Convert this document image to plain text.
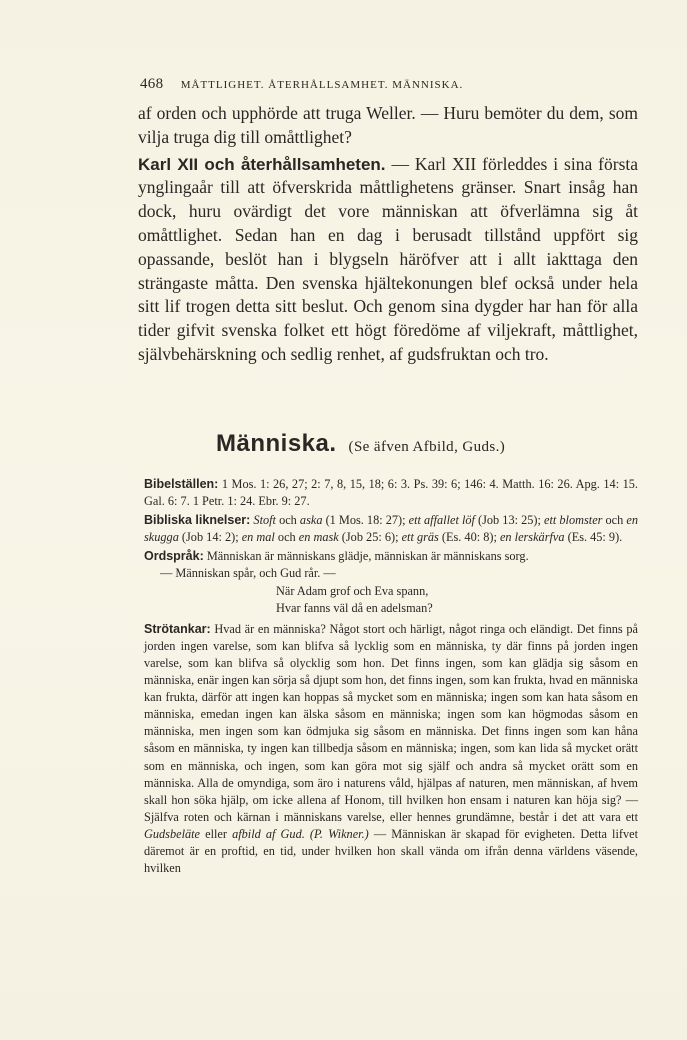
468 MÅTTLIGHET. ÅTERHÅLLSAMHET. MÄNNISKA.

af orden och upphörde att truga Weller. — Huru bemöter du dem, som vilja truga dig till omåttlighet?

Karl XII och återhållsamheten. — Karl XII förleddes i sina första ynglingaår till att öfverskrida måttlighetens gränser. Snart insåg han dock, huru ovärdigt det vore människan att öfverlämna sig åt omåttlighet. Sedan han en dag i berusadt tillstånd uppfört sig opassande, beslöt han i blygseln häröfver att i allt iakttaga den strängaste måtta. Den svenska hjältekonungen blef också under hela sitt lif trogen detta sitt beslut. Och genom sina dygder har han för alla tider gifvit svenska folket ett högt föredöme af viljekraft, måttlighet, självbehärskning och sedlig renhet, af gudsfruktan och tro.

Människa. (Se äfven Afbild, Guds.)

Bibelställen: 1 Mos. 1: 26, 27; 2: 7, 8, 15, 18; 6: 3. Ps. 39: 6; 146: 4. Matth. 16: 26. Apg. 14: 15. Gal. 6: 7. 1 Petr. 1: 24. Ebr. 9: 27.

Bibliska liknelser: Stoft och aska (1 Mos. 18: 27); ett affallet löf (Job 13: 25); ett blomster och en skugga (Job 14: 2); en mal och en mask (Job 25: 6); ett gräs (Es. 40: 8); en lerskärfva (Es. 45: 9).

Ordspråk: Människan är människans glädje, människan är människans sorg.
— Människan spår, och Gud rår. —
När Adam grof och Eva spann,
Hvar fanns väl då en adelsman?

Strötankar: Hvad är en människa? Något stort och härligt, något ringa och eländigt. Det finns på jorden ingen varelse, som kan blifva så lycklig som en människa, ty där finns på jorden ingen varelse, som kan blifva så olycklig som hon. Det finns ingen, som kan glädja sig såsom en människa, enär ingen kan sörja så djupt som hon, det finns ingen, som kan frukta, hvad en människa kan frukta, därför att ingen kan hoppas så mycket som en människa; ingen som kan hata såsom en människa, emedan ingen kan älska såsom en människa; ingen som kan högmodas såsom en människa, men ingen som kan ödmjuka sig såsom en människa. Det finns ingen som kan håna såsom en människa, ty ingen kan tillbedja såsom en människa; ingen, som kan lida så mycket orätt som en människa, och ingen, som kan göra mot sig själf och andra så mycket orätt som en människa. Alla de omyndiga, som äro i naturens våld, hjälpas af naturen, men människan, af hvem skall hon söka hjälp, om icke allena af Honom, till hvilken hon ensam i naturen kan höja sig? — Själfva roten och kärnan i människans varelse, eller hennes grundämne, består i det att vara ett Gudsbeläte eller afbild af Gud. (P. Wikner.) — Människan är skapad för evigheten. Detta lifvet däremot är en proftid, en tid, under hvilken hon skall vända om ifrån denna världens väsende, hvilken
